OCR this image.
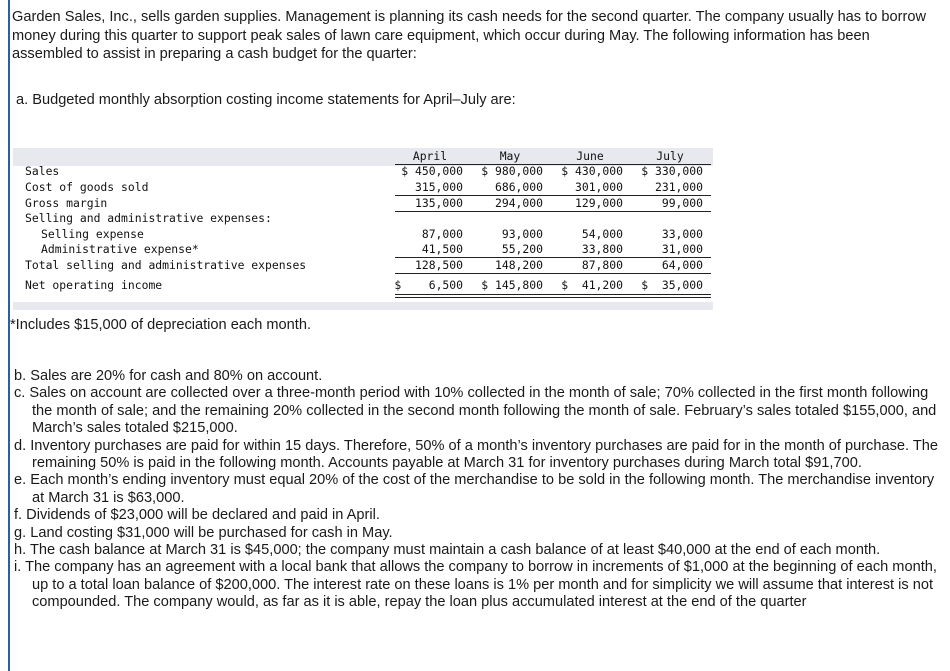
Garden Sales, Inc., sells garden supplies. Management is planning its cash needs for the second quarter. The company usually has to borrow money during this quarter to support peak sales of lawn care equipment, which occur during May. The following information has been assembled to assist in preparing a cash budget for the quarter:

a. Budgeted monthly absorption costing income statements for April–July are:
April	May	June	July
Sales	$ 450,000	$ 980,000	$ 430,000	$ 330,000
Cost of goods sold	315,000	686,000	301,000	231,000
Gross margin	135,000	294,000	129,000	99,000
Selling and administrative expenses:
Selling expense	87,000	93,000	54,000	33,000
Administrative expense*	41,500	55,200	33,800	31,000
Total selling and administrative expenses	128,500	148,200	87,800	64,000
Net operating income	$    6,500	$ 145,800	$  41,200	$  35,000
*Includes $15,000 of depreciation each month.

b. Sales are 20% for cash and 80% on account.

c. Sales on account are collected over a three-month period with 10% collected in the month of sale; 70% collected in the first month following the month of sale; and the remaining 20% collected in the second month following the month of sale. February’s sales totaled $155,000, and March’s sales totaled $215,000.

d. Inventory purchases are paid for within 15 days. Therefore, 50% of a month’s inventory purchases are paid for in the month of purchase. The remaining 50% is paid in the following month. Accounts payable at March 31 for inventory purchases during March total $91,700.

e. Each month’s ending inventory must equal 20% of the cost of the merchandise to be sold in the following month. The merchandise inventory at March 31 is $63,000.

f. Dividends of $23,000 will be declared and paid in April.

g. Land costing $31,000 will be purchased for cash in May.

h. The cash balance at March 31 is $45,000; the company must maintain a cash balance of at least $40,000 at the end of each month.

i. The company has an agreement with a local bank that allows the company to borrow in increments of $1,000 at the beginning of each month, up to a total loan balance of $200,000. The interest rate on these loans is 1% per month and for simplicity we will assume that interest is not compounded. The company would, as far as it is able, repay the loan plus accumulated interest at the end of the quarter
